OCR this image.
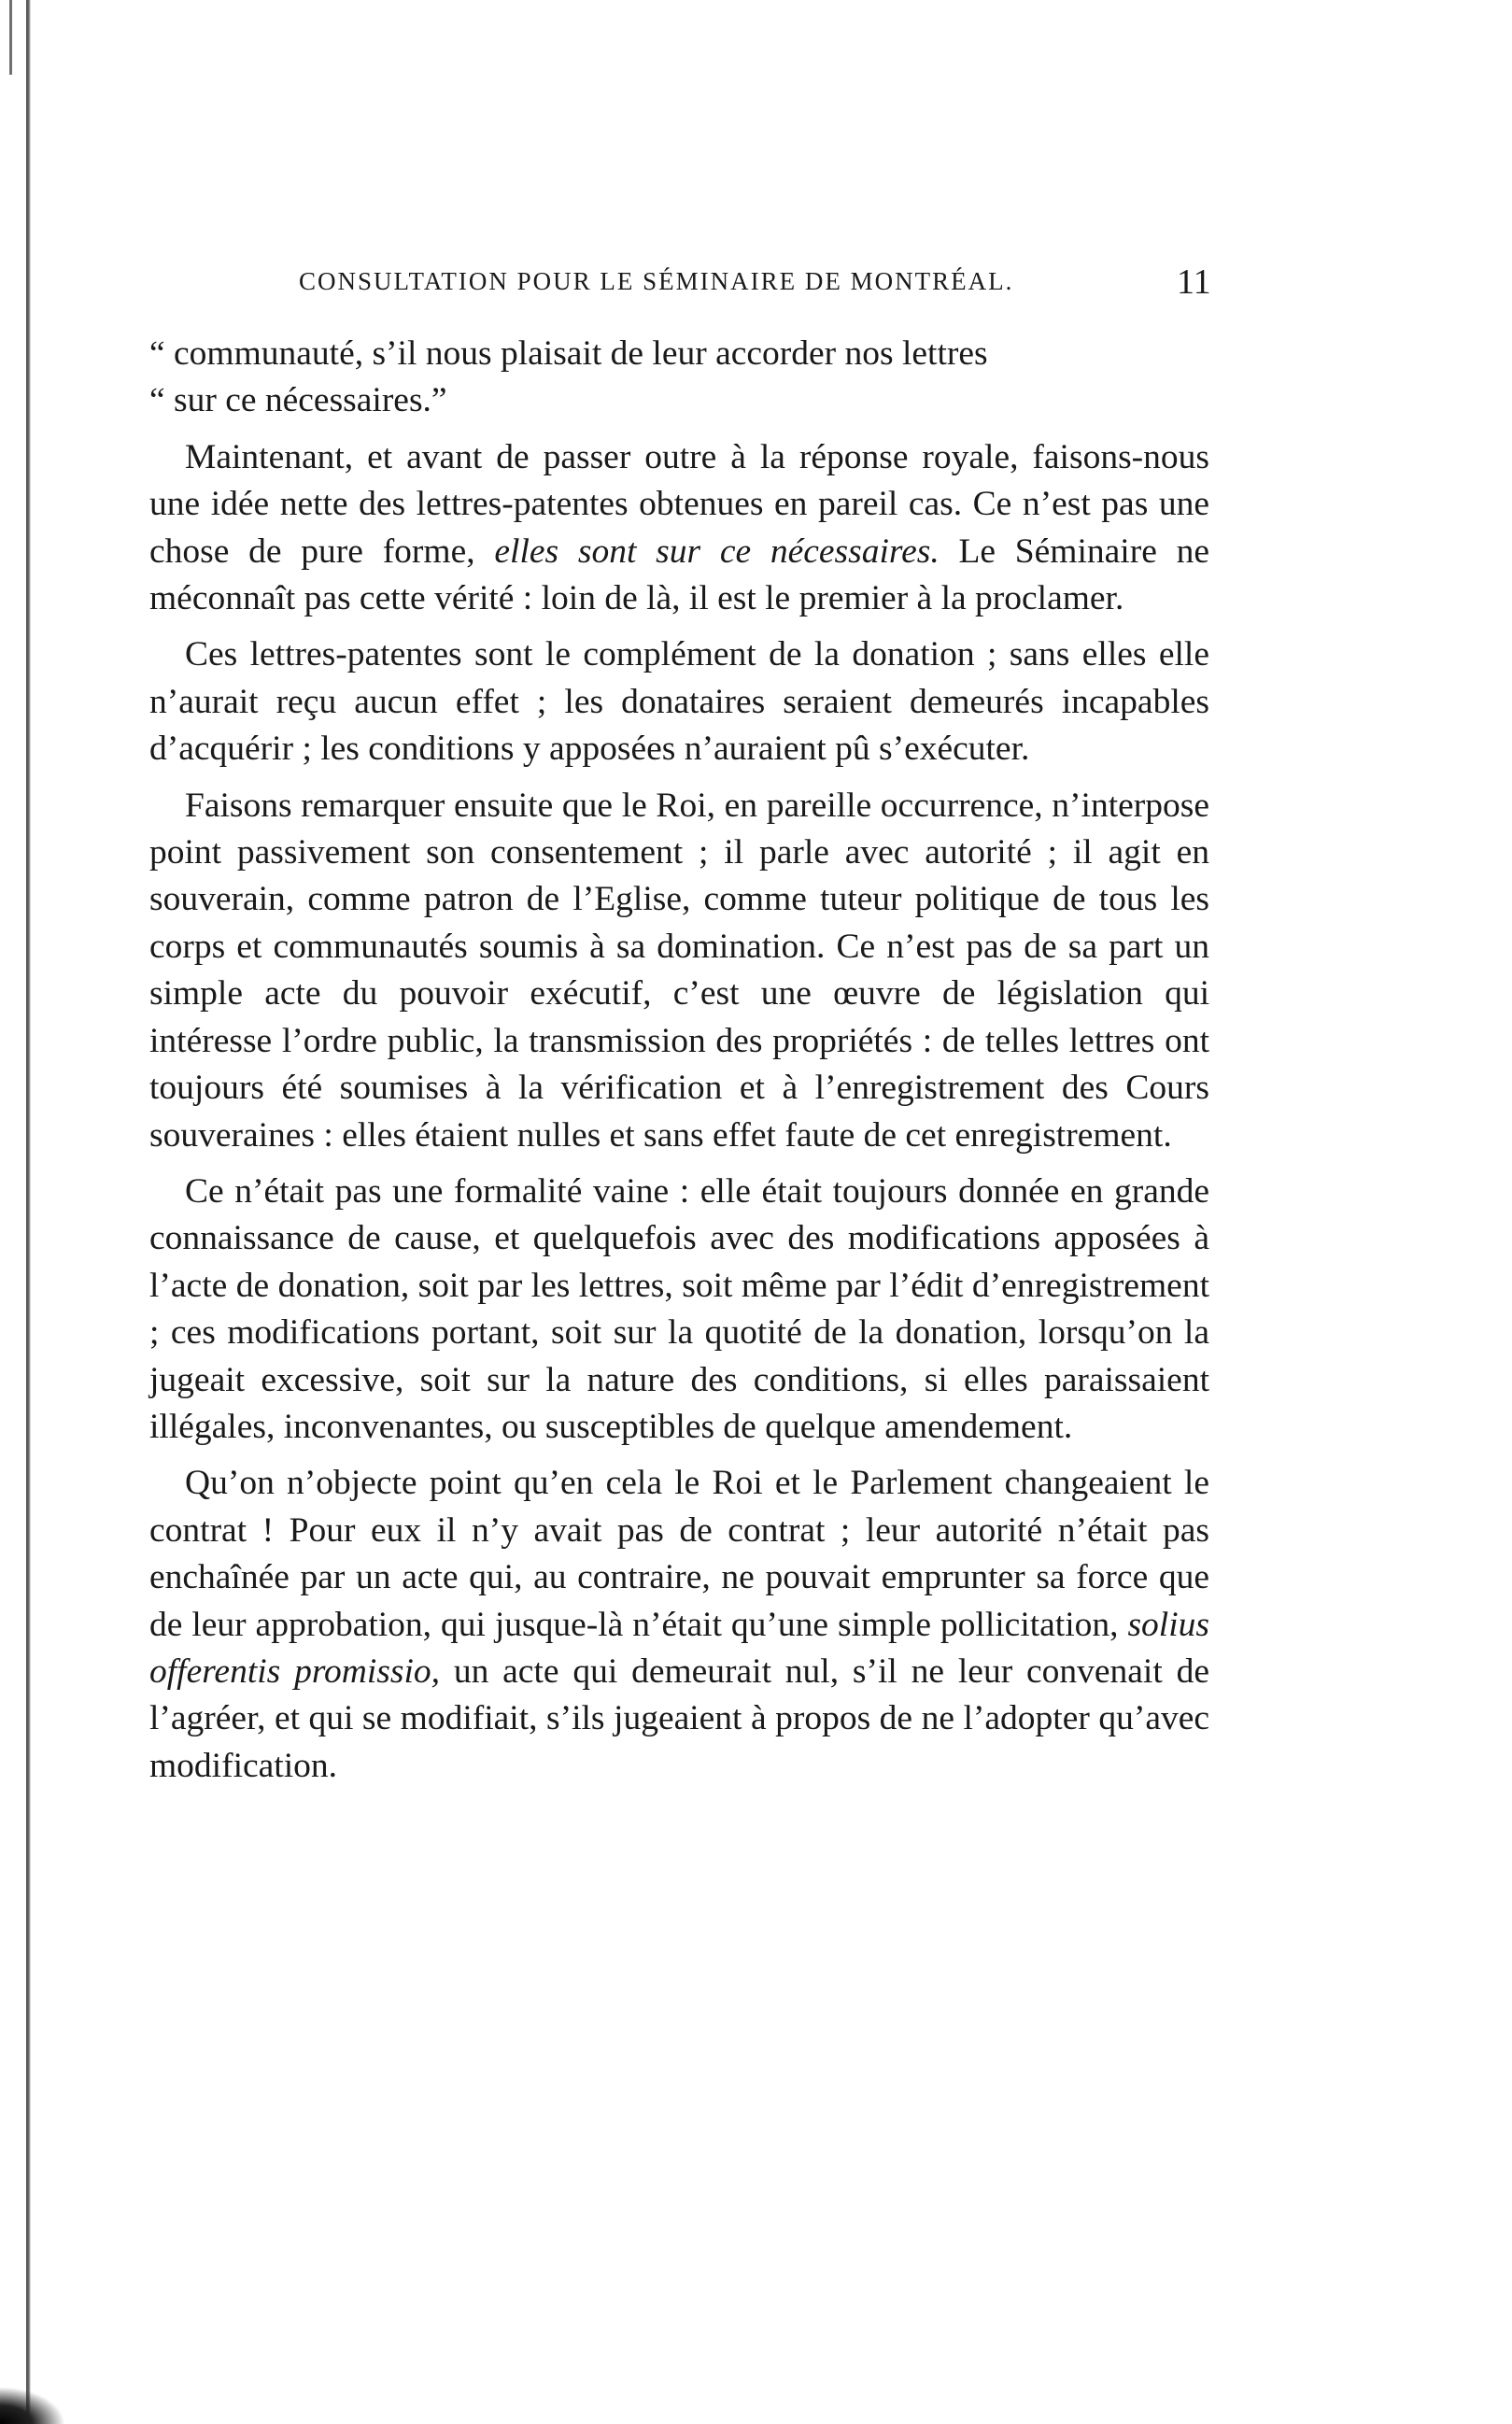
CONSULTATION POUR LE SÉMINAIRE DE MONTRÉAL.	11

“ communauté, s’il nous plaisait de leur accorder nos lettres
“ sur ce nécessaires.”

Maintenant, et avant de passer outre à la réponse royale, faisons-nous une idée nette des lettres-patentes obtenues en pareil cas. Ce n’est pas une chose de pure forme, elles sont sur ce nécessaires. Le Séminaire ne méconnaît pas cette vérité : loin de là, il est le premier à la proclamer.

Ces lettres-patentes sont le complément de la donation ; sans elles elle n’aurait reçu aucun effet ; les donataires seraient demeurés incapables d’acquérir ; les conditions y apposées n’auraient pû s’exécuter.

Faisons remarquer ensuite que le Roi, en pareille occurrence, n’interpose point passivement son consentement ; il parle avec autorité ; il agit en souverain, comme patron de l’Eglise, comme tuteur politique de tous les corps et communautés soumis à sa domination. Ce n’est pas de sa part un simple acte du pouvoir exécutif, c’est une œuvre de législation qui intéresse l’ordre public, la transmission des propriétés : de telles lettres ont toujours été soumises à la vérification et à l’enregistrement des Cours souveraines : elles étaient nulles et sans effet faute de cet enregistrement.

Ce n’était pas une formalité vaine : elle était toujours donnée en grande connaissance de cause, et quelquefois avec des modifications apposées à l’acte de donation, soit par les lettres, soit même par l’édit d’enregistrement ; ces modifications portant, soit sur la quotité de la donation, lorsqu’on la jugeait excessive, soit sur la nature des conditions, si elles paraissaient illégales, inconvenantes, ou susceptibles de quelque amendement.

Qu’on n’objecte point qu’en cela le Roi et le Parlement changeaient le contrat ! Pour eux il n’y avait pas de contrat ; leur autorité n’était pas enchaînée par un acte qui, au contraire, ne pouvait emprunter sa force que de leur approbation, qui jusque-là n’était qu’une simple pollicitation, solius offerentis promissio, un acte qui demeurait nul, s’il ne leur convenait de l’agréer, et qui se modifiait, s’ils jugeaient à propos de ne l’adopter qu’avec modification.
